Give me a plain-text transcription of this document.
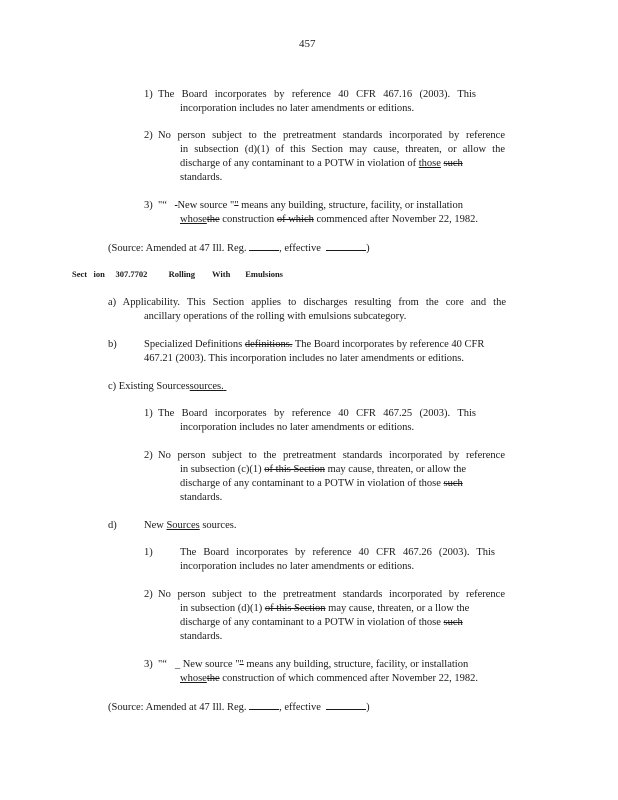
457
1) The Board incorporates by reference 40 CFR 467.16 (2003). This
incorporation includes no later amendments or editions.
2) No person subject to the pretreatment standards incorporated by reference
in subsection (d)(1) of this Section may cause, threaten, or allow the
discharge of any contaminant to a POTW in violation of those such
standards.
3) "“ New source "" means any building, structure, facility, or installation
whosethe construction of which commenced after November 22, 1982.
(Source: Amended at 47 Ill. Reg.	, effective	)
Sect ion 307.7702	Rolling With Emulsions
a) Applicability. This Section applies to discharges resulting from the core and the
ancillary operations of the rolling with emulsions subcategory.
b)	Specialized Definitions definitions. The Board incorporates by reference 40 CFR
467.21 (2003). This incorporation includes no later amendments or editions.
c) Existing Sourcessources.
1) The Board incorporates by reference 40 CFR 467.25 (2003). This
incorporation includes no later amendments or editions.
2) No person subject to the pretreatment standards incorporated by reference
in subsection (c)(1) of this Section may cause, threaten, or allow the
discharge of any contaminant to a POTW in violation of those such
standards.
d)	New Sources sources.
1)	The Board incorporates by reference 40 CFR 467.26 (2003). This
incorporation includes no later amendments or editions.
2) No person subject to the pretreatment standards incorporated by reference
in subsection (d)(1) of this Section may cause, threaten, or a llow the
discharge of any contaminant to a POTW in violation of those such
standards.
3) "“ _ New source "" means any building, structure, facility, or installation
whosethe construction of which commenced after November 22, 1982.
(Source: Amended at 47 Ill. Reg.	, effective	)
